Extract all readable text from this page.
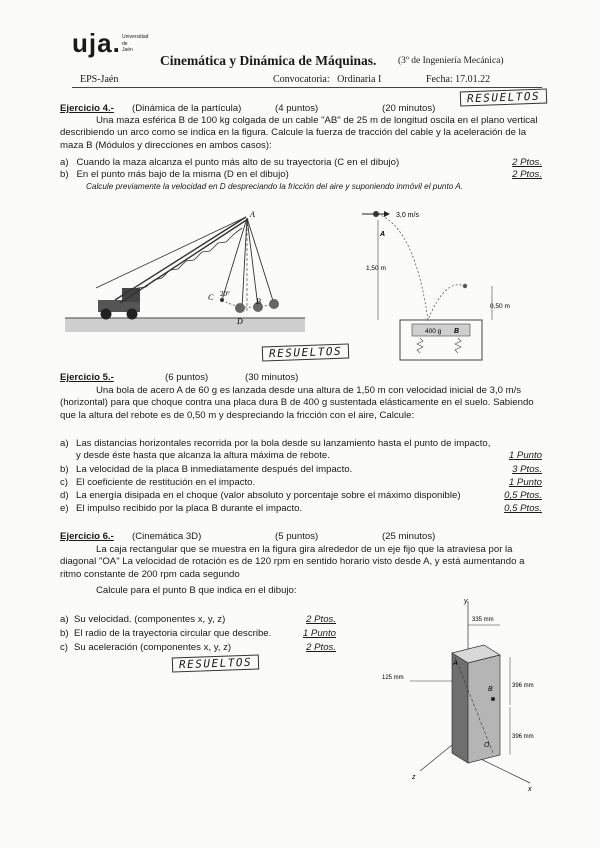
uja. Universidad
de Jaén
Cinemática y Dinámica de Máquinas. (3º de Ingeniería Mecánica)
EPS-Jaén	Convocatoria:   Ordinaria I	Fecha: 17.01.22
RESUELTOS
Ejercicio 4.- (Dinámica de la partícula)	(4 puntos)	(20 minutos)
Una maza esférica B de 100 kg colgada de un cable "AB" de 25 m de longitud oscila en el plano vertical describiendo un arco como se indica en la figura. Calcule la fuerza de tracción del cable y la aceleración de la maza B (Módulos y direcciones en ambos casos):
a) Cuando la maza alcanza el punto más alto de su trayectoria (C en el dibujo)	2 Ptos.
b) En el punto más bajo de la misma (D en el dibujo)	2 Ptos.
Calcule previamente la velocidad en D despreciando la fricción del aire y suponiendo inmóvil el punto A.
A
C	B
D
20°
3,0 m/s
A
1,50 m
0,50 m
400 g B
RESUELTOS
Ejercicio 5.-	(6 puntos)	(30 minutos)
Una bola de acero A de 60 g es lanzada desde una altura de 1,50 m con velocidad inicial de 3,0 m/s (horizontal) para que choque contra una placa dura B de 400 g sustentada elásticamente en el suelo. Sabiendo que la altura del rebote es de 0,50 m y despreciando la fricción con el aire, Calcule:
a) Las distancias horizontales recorrida por la bola desde su lanzamiento hasta el punto de impacto, y desde éste hasta que alcanza la altura máxima de rebote.	1 Punto
b) La velocidad de la placa B inmediatamente después del impacto.	3 Ptos.
c) El coeficiente de restitución en el impacto.	1 Punto
d) La energía disipada en el choque (valor absoluto y porcentaje sobre el máximo disponible)	0,5 Ptos.
e) El impulso recibido por la placa B durante el impacto.	0,5 Ptos.
Ejercicio 6.- (Cinemática 3D)	(5 puntos)	(25 minutos)
La caja rectangular que se muestra en la figura gira alrededor de un eje fijo que la atraviesa por la diagonal "OA" La velocidad de rotación es de 120 rpm en sentido horario visto desde A, y está aumentando a ritmo constante de 200 rpm cada segundo
Calcule para el punto B que indica en el dibujo:
a) Su velocidad. (componentes x, y, z)	2 Ptos.
b) El radio de la trayectoria circular que describe.	1 Punto
c) Su aceleración (componentes x, y, z)	2 Ptos.
RESUELTOS
y
x
z
B
A
O
335 mm
125 mm
396 mm
396 mm
